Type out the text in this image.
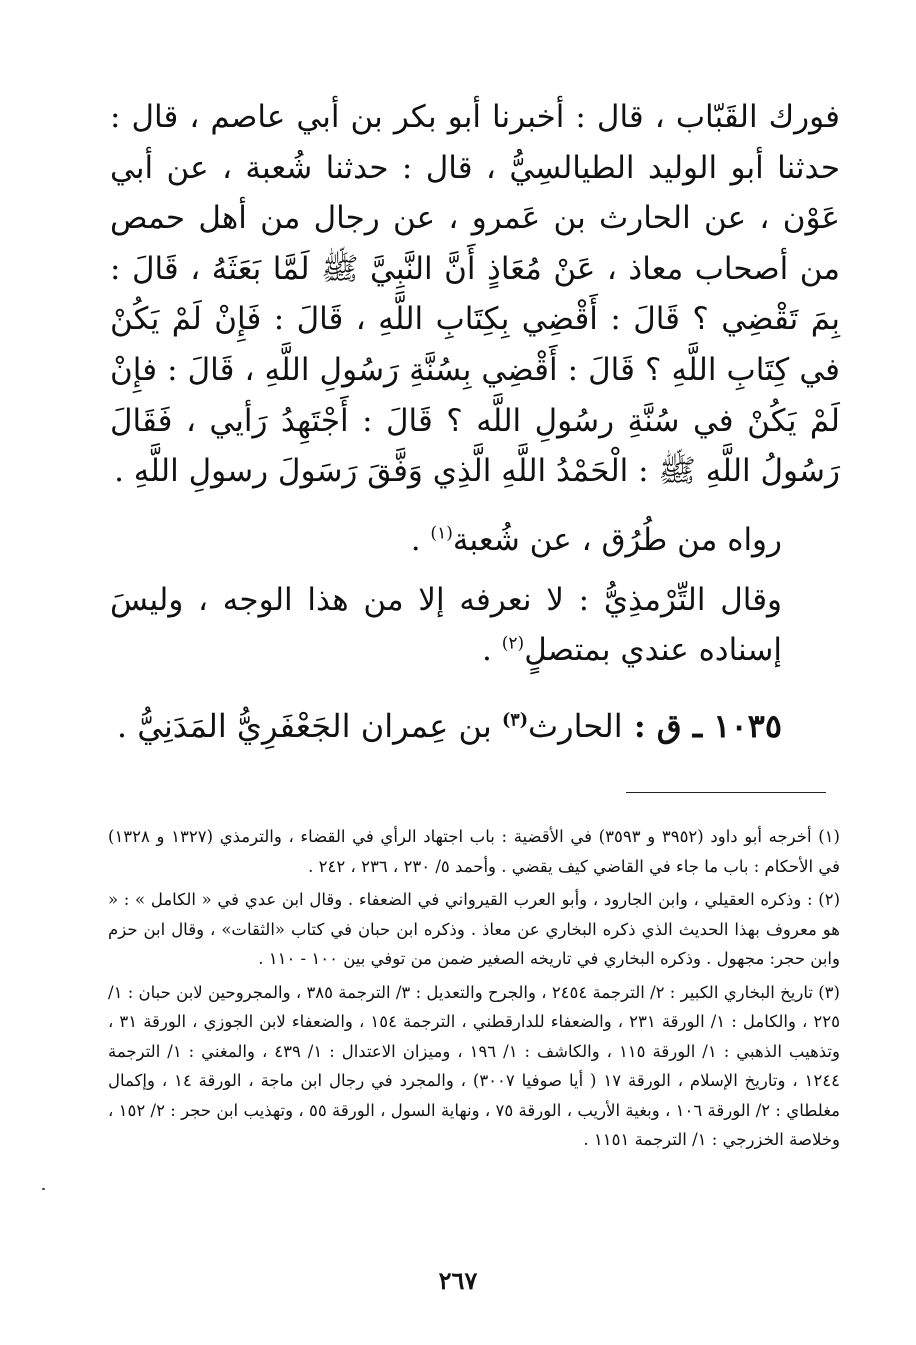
فورك القَبّاب ، قال : أخبرنا أبو بكر بن أبي عاصم ، قال : حدثنا أبو الوليد الطيالسِيُّ ، قال : حدثنا شُعبة ، عن أبي عَوْن ، عن الحارث بن عَمرو ، عن رجال من أهل حمص من أصحاب معاذ ، عَنْ مُعَاذٍ أَنَّ النَّبِيَّ ﷺ لَمَّا بَعَثَهُ ، قَالَ : بِمَ تَقْضِي ؟ قَالَ : أَقْضِي بِكِتَابِ اللَّهِ ، قَالَ : فَإِنْ لَمْ يَكُنْ في كِتَابِ اللَّهِ ؟ قَالَ : أَقْضِي بِسُنَّةِ رَسُولِ اللَّهِ ، قَالَ : فإِنْ لَمْ يَكُنْ في سُنَّةِ رسُولِ اللَّه ؟ قَالَ : أَجْتَهِدُ رَأيي ، فَقَالَ رَسُولُ اللَّهِ ﷺ : الْحَمْدُ اللَّهِ الَّذِي وَفَّقَ رَسَولَ رسولِ اللَّهِ .

رواه من طُرُق ، عن شُعبة$^{(١)}$ .

وقال التِّرْمذِيُّ : لا نعرفه إلا من هذا الوجه ، وليسَ إسناده عندي بمتصلٍ$^{(٢)}$ .

١٠٣٥ ـ ق : الحارث$^{(٣)}$ بن عِمران الجَعْفَرِيُّ المَدَنِيُّ .

(١) أخرجه أبو داود (٣٩٥٢ و ٣٥٩٣) في الأقضية : باب اجتهاد الرأي في القضاء ، والترمذي (١٣٢٧ و ١٣٢٨) في الأحكام : باب ما جاء في القاضي كيف يقضي . وأحمد ٥/ ٢٣٠ ، ٢٣٦ ، ٢٤٢ .

(٢) : وذكره العقيلي ، وابن الجارود ، وأبو العرب القيرواني في الضعفاء . وقال ابن عدي في « الكامل » : « هو معروف بهذا الحديث الذي ذكره البخاري عن معاذ . وذكره ابن حبان في كتاب «الثقات» ، وقال ابن حزم وابن حجر: مجهول . وذكره البخاري في تاريخه الصغير ضمن من توفي بين ١٠٠ - ١١٠ .

(٣) تاريخ البخاري الكبير : ٢/ الترجمة ٢٤٥٤ ، والجرح والتعديل : ٣/ الترجمة ٣٨٥ ، والمجروحين لابن حبان : ١/ ٢٢٥ ، والكامل : ١/ الورقة ٢٣١ ، والضعفاء للدارقطني ، الترجمة ١٥٤ ، والضعفاء لابن الجوزي ، الورقة ٣١ ، وتذهيب الذهبي : ١/ الورقة ١١٥ ، والكاشف : ١/ ١٩٦ ، وميزان الاعتدال : ١/ ٤٣٩ ، والمغني : ١/ الترجمة ١٢٤٤ ، وتاريخ الإسلام ، الورقة ١٧ ( أيا صوفيا ٣٠٠٧) ، والمجرد في رجال ابن ماجة ، الورقة ١٤ ، وإكمال مغلطاي : ٢/ الورقة ١٠٦ ، وبغية الأريب ، الورقة ٧٥ ، ونهاية السول ، الورقة ٥٥ ، وتهذيب ابن حجر : ٢/ ١٥٢ ، وخلاصة الخزرجي : ١/ الترجمة ١١٥١ .

٢٦٧
